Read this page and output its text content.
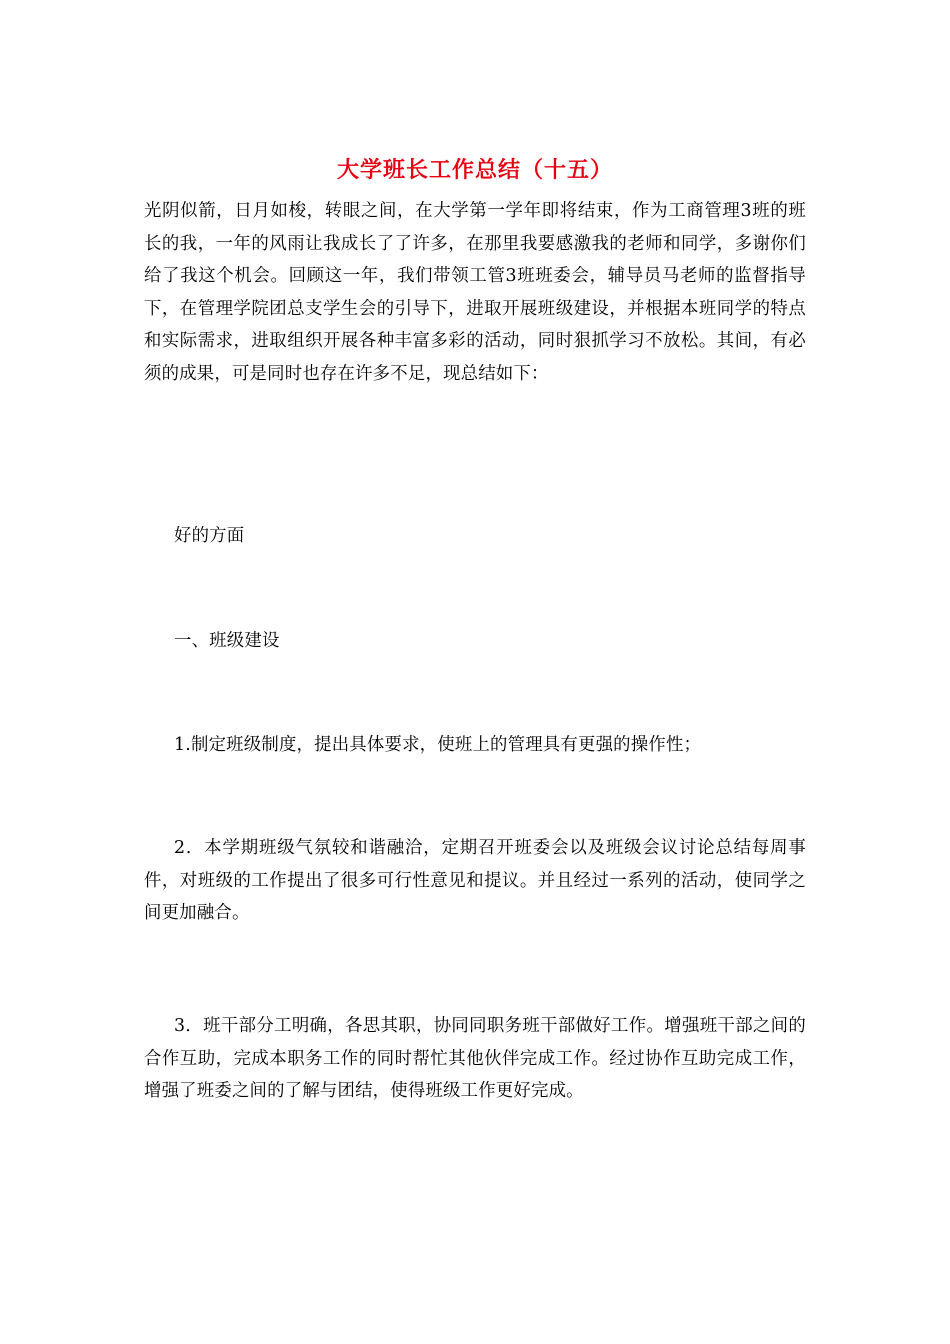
大学班长工作总结（十五）

光阴似箭，日月如梭，转眼之间，在大学第一学年即将结束，作为工商管理3班的班长的我，一年的风雨让我成长了了许多，在那里我要感激我的老师和同学，多谢你们给了我这个机会。回顾这一年，我们带领工管3班班委会，辅导员马老师的监督指导下，在管理学院团总支学生会的引导下，进取开展班级建设，并根据本班同学的特点和实际需求，进取组织开展各种丰富多彩的活动，同时狠抓学习不放松。其间，有必须的成果，可是同时也存在许多不足，现总结如下：

好的方面

一、班级建设

1.制定班级制度，提出具体要求，使班上的管理具有更强的操作性；

2．本学期班级气氛较和谐融洽，定期召开班委会以及班级会议讨论总结每周事件，对班级的工作提出了很多可行性意见和提议。并且经过一系列的活动，使同学之间更加融合。

3．班干部分工明确，各思其职，协同同职务班干部做好工作。增强班干部之间的合作互助，完成本职务工作的同时帮忙其他伙伴完成工作。经过协作互助完成工作，增强了班委之间的了解与团结，使得班级工作更好完成。
